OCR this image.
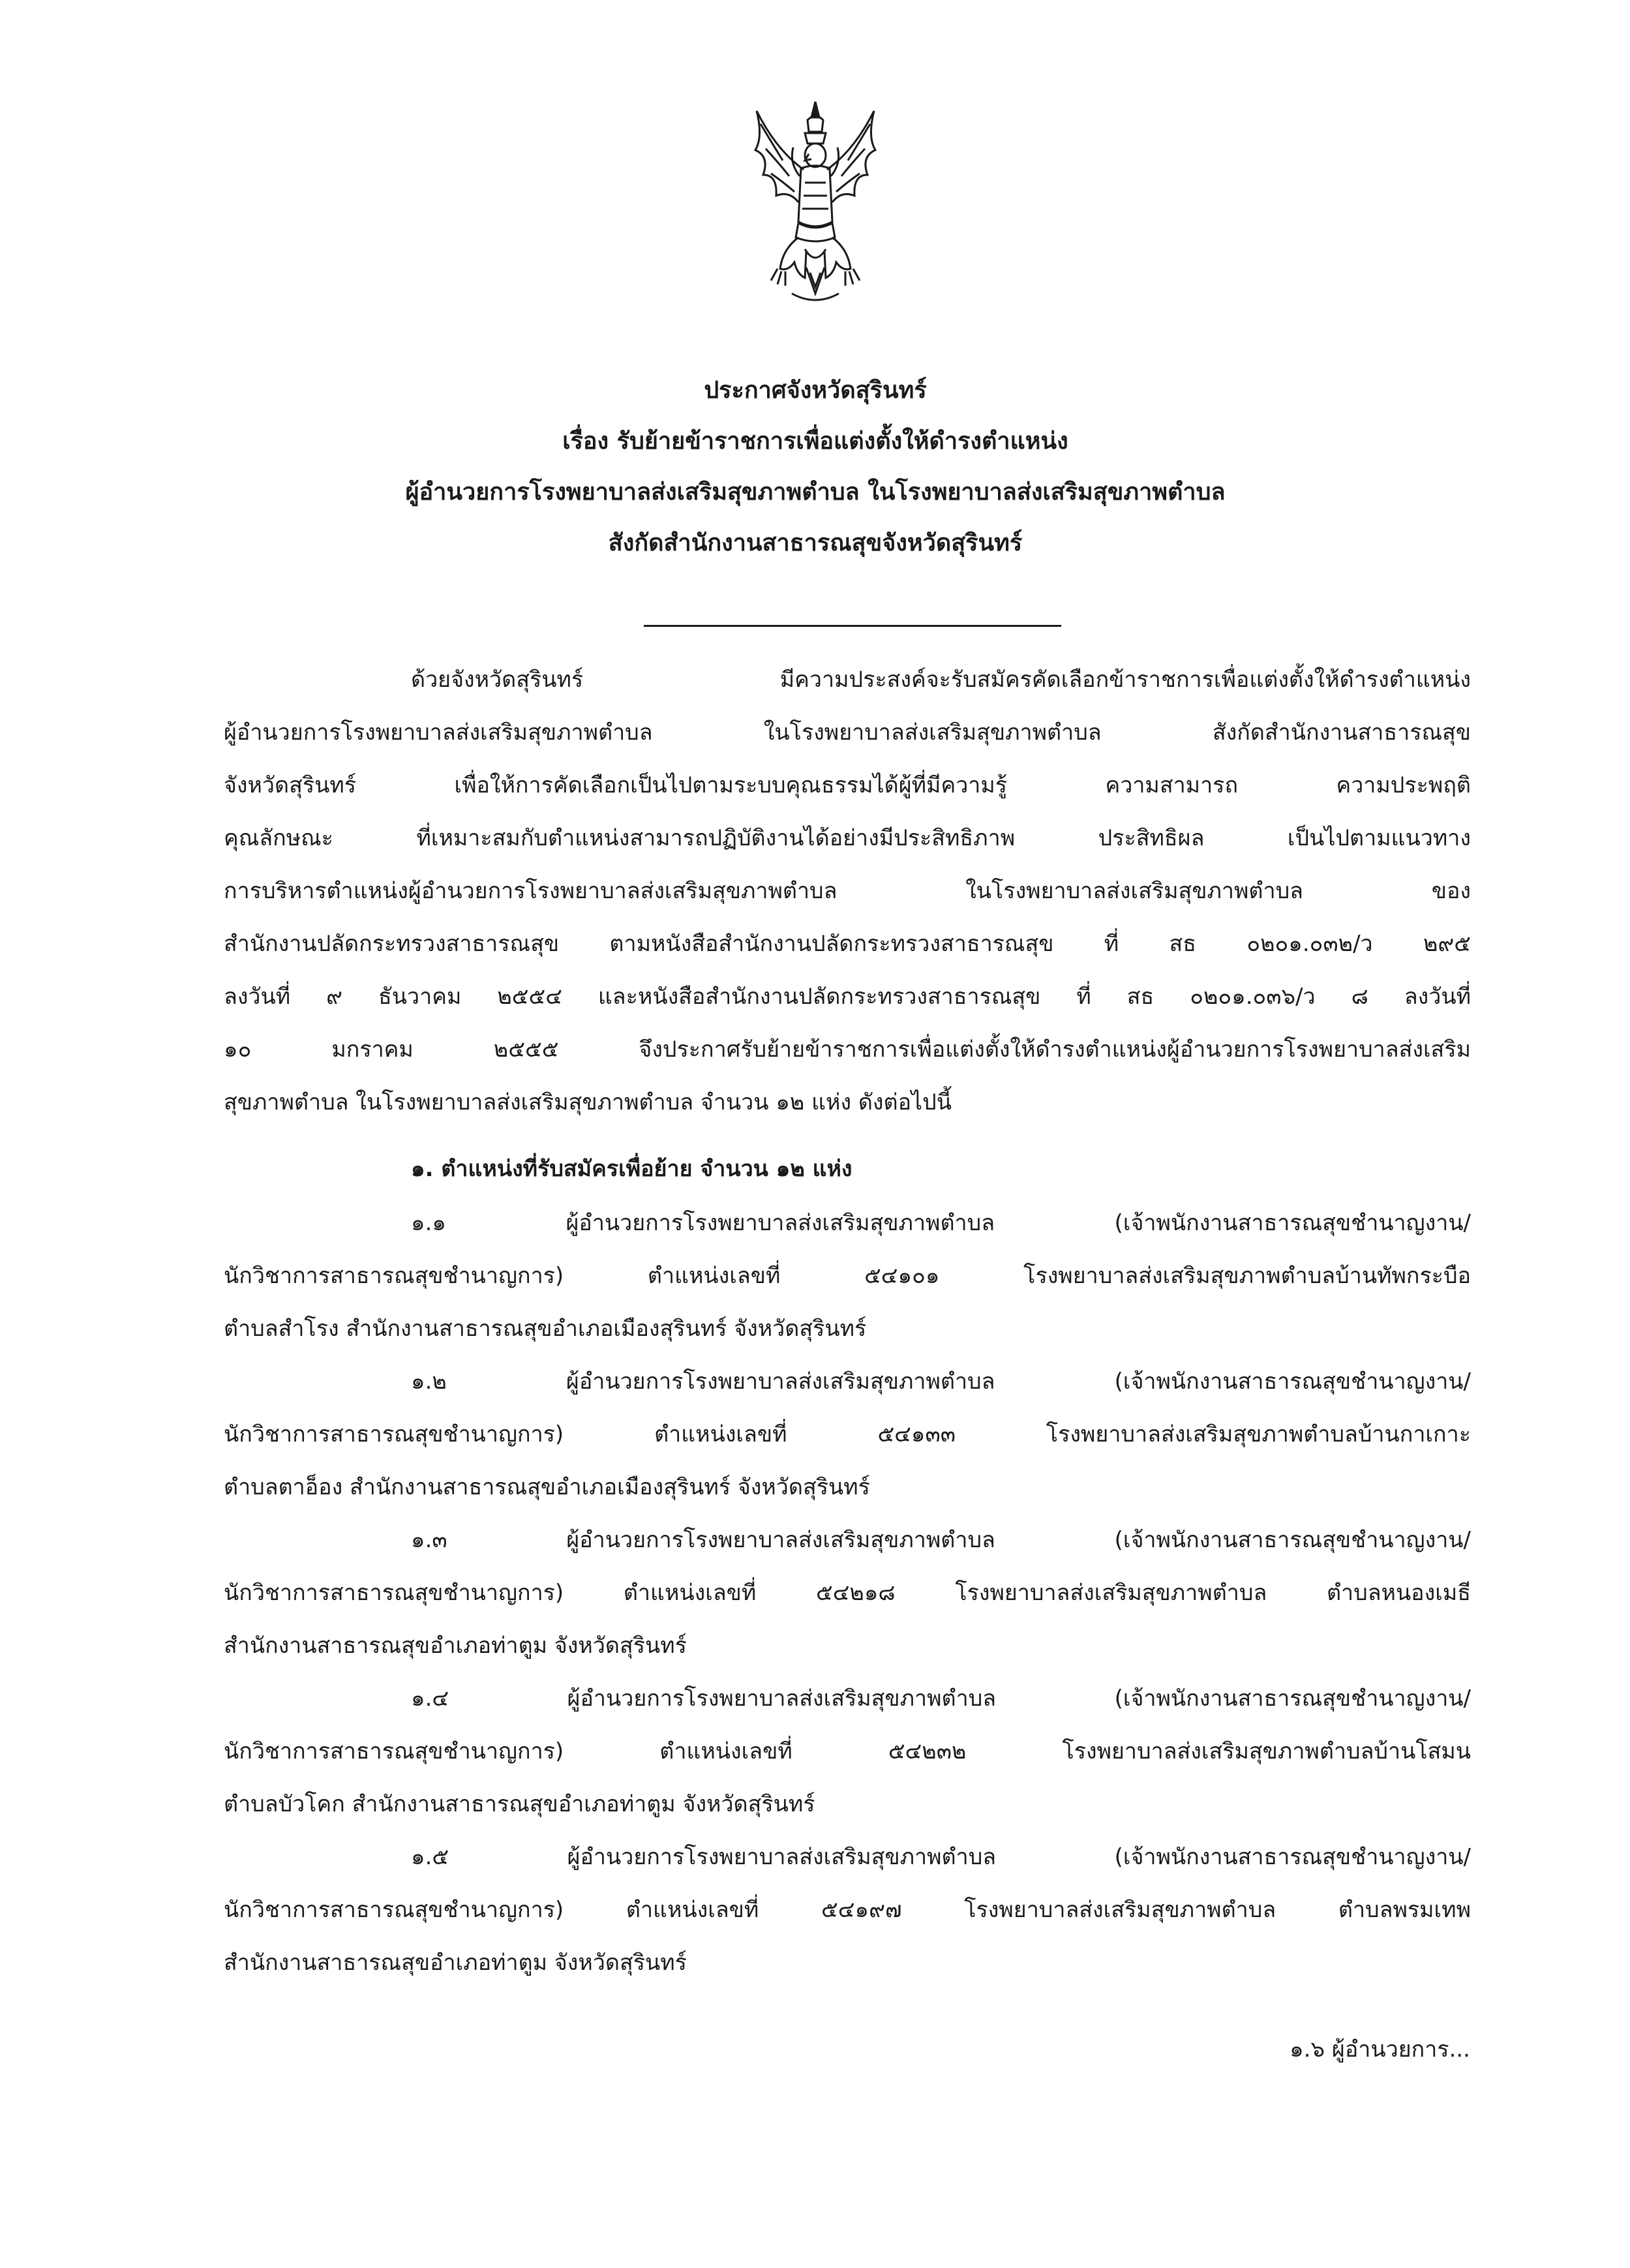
ประกาศจังหวัดสุรินทร์
เรื่อง รับย้ายข้าราชการเพื่อแต่งตั้งให้ดำรงตำแหน่ง
ผู้อำนวยการโรงพยาบาลส่งเสริมสุขภาพตำบล ในโรงพยาบาลส่งเสริมสุขภาพตำบล
สังกัดสำนักงานสาธารณสุขจังหวัดสุรินทร์
ด้วยจังหวัดสุรินทร์ มีความประสงค์จะรับสมัครคัดเลือกข้าราชการเพื่อแต่งตั้งให้ดำรงตำแหน่ง
ผู้อำนวยการโรงพยาบาลส่งเสริมสุขภาพตำบล ในโรงพยาบาลส่งเสริมสุขภาพตำบล สังกัดสำนักงานสาธารณสุข
จังหวัดสุรินทร์ เพื่อให้การคัดเลือกเป็นไปตามระบบคุณธรรมได้ผู้ที่มีความรู้ ความสามารถ ความประพฤติ
คุณลักษณะ ที่เหมาะสมกับตำแหน่งสามารถปฏิบัติงานได้อย่างมีประสิทธิภาพ ประสิทธิผล เป็นไปตามแนวทาง
การบริหารตำแหน่งผู้อำนวยการโรงพยาบาลส่งเสริมสุขภาพตำบล ในโรงพยาบาลส่งเสริมสุขภาพตำบล ของ
สำนักงานปลัดกระทรวงสาธารณสุข ตามหนังสือสำนักงานปลัดกระทรวงสาธารณสุข ที่ สธ ๐๒๐๑.๐๓๒/ว ๒๙๕
ลงวันที่ ๙ ธันวาคม ๒๕๕๔ และหนังสือสำนักงานปลัดกระทรวงสาธารณสุข ที่ สธ ๐๒๐๑.๐๓๖/ว ๘ ลงวันที่
๑๐ มกราคม ๒๕๕๕ จึงประกาศรับย้ายข้าราชการเพื่อแต่งตั้งให้ดำรงตำแหน่งผู้อำนวยการโรงพยาบาลส่งเสริม
สุขภาพตำบล ในโรงพยาบาลส่งเสริมสุขภาพตำบล จำนวน ๑๒ แห่ง ดังต่อไปนี้
๑. ตำแหน่งที่รับสมัครเพื่อย้าย จำนวน ๑๒ แห่ง
๑.๑ ผู้อำนวยการโรงพยาบาลส่งเสริมสุขภาพตำบล (เจ้าพนักงานสาธารณสุขชำนาญงาน/
นักวิชาการสาธารณสุขชำนาญการ) ตำแหน่งเลขที่ ๕๔๑๐๑ โรงพยาบาลส่งเสริมสุขภาพตำบลบ้านทัพกระบือ
ตำบลสำโรง สำนักงานสาธารณสุขอำเภอเมืองสุรินทร์ จังหวัดสุรินทร์
๑.๒ ผู้อำนวยการโรงพยาบาลส่งเสริมสุขภาพตำบล (เจ้าพนักงานสาธารณสุขชำนาญงาน/
นักวิชาการสาธารณสุขชำนาญการ) ตำแหน่งเลขที่ ๕๔๑๓๓ โรงพยาบาลส่งเสริมสุขภาพตำบลบ้านกาเกาะ
ตำบลตาอ็อง สำนักงานสาธารณสุขอำเภอเมืองสุรินทร์ จังหวัดสุรินทร์
๑.๓ ผู้อำนวยการโรงพยาบาลส่งเสริมสุขภาพตำบล (เจ้าพนักงานสาธารณสุขชำนาญงาน/
นักวิชาการสาธารณสุขชำนาญการ) ตำแหน่งเลขที่ ๕๔๒๑๘ โรงพยาบาลส่งเสริมสุขภาพตำบล ตำบลหนองเมธี
สำนักงานสาธารณสุขอำเภอท่าตูม จังหวัดสุรินทร์
๑.๔ ผู้อำนวยการโรงพยาบาลส่งเสริมสุขภาพตำบล (เจ้าพนักงานสาธารณสุขชำนาญงาน/
นักวิชาการสาธารณสุขชำนาญการ) ตำแหน่งเลขที่ ๕๔๒๓๒ โรงพยาบาลส่งเสริมสุขภาพตำบลบ้านโสมน
ตำบลบัวโคก สำนักงานสาธารณสุขอำเภอท่าตูม จังหวัดสุรินทร์
๑.๕ ผู้อำนวยการโรงพยาบาลส่งเสริมสุขภาพตำบล (เจ้าพนักงานสาธารณสุขชำนาญงาน/
นักวิชาการสาธารณสุขชำนาญการ) ตำแหน่งเลขที่ ๕๔๑๙๗ โรงพยาบาลส่งเสริมสุขภาพตำบล ตำบลพรมเทพ
สำนักงานสาธารณสุขอำเภอท่าตูม จังหวัดสุรินทร์
๑.๖ ผู้อำนวยการ...
